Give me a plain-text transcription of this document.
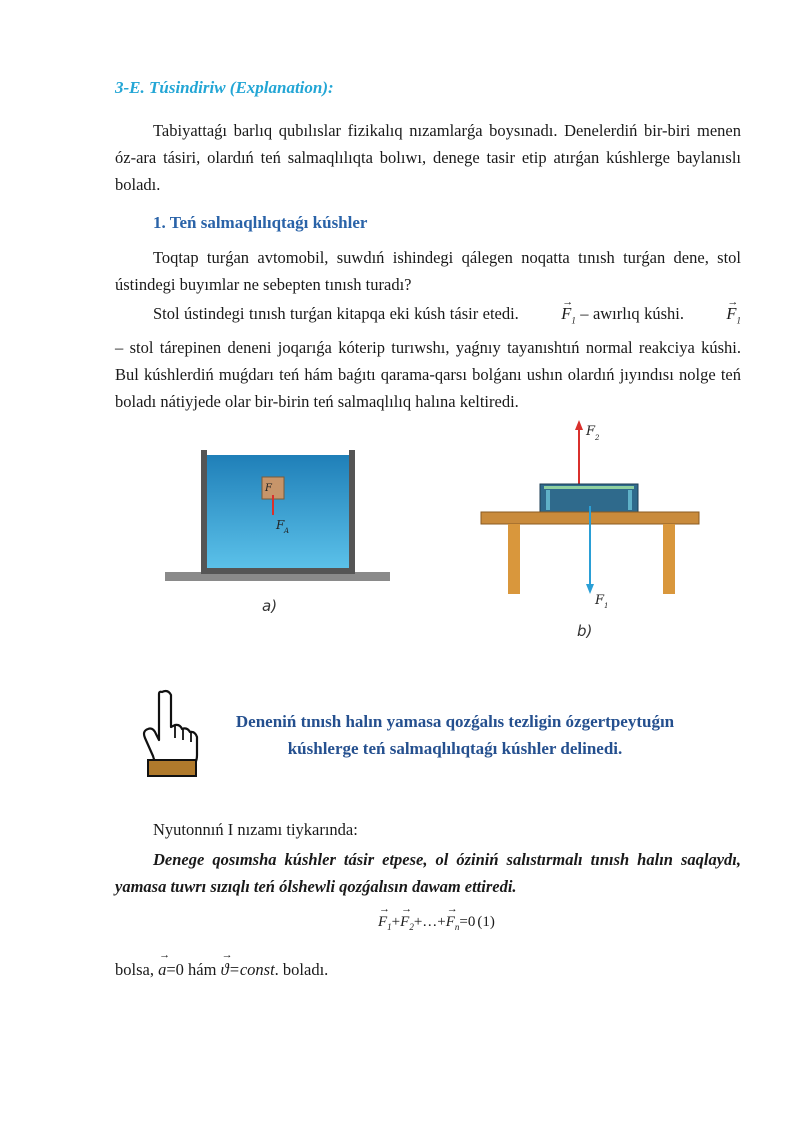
3-E. Túsindiriw (Explanation):

Tabiyattaǵı barlıq qubılıslar fizikalıq nızamlarǵa boysınadı. Denelerdiń bir-biri menen óz-ara tásiri, olardıń teń salmaqlılıqta bolıwı, denege tasir etip atırǵan kúshlerge baylanıslı boladı.

1. Teń salmaqlılıqtaǵı kúshler

Toqtap turǵan avtomobil, suwdıń ishindegi qálegen noqatta tınısh turǵan dene, stol ústindegi buyımlar ne sebepten tınısh turadı?

Stol ústindegi tınısh turǵan kitapqa eki kúsh tásir etedi.	→ $F_1$ – awırlıq kúshi. → $F_1$ – stol tárepinen deneni joqarıǵa kóterip turıwshı, yaǵnıy tayanıshtıń normal reakciya kúshi. Bul kúshlerdiń muǵdarı teń hám baǵıtı qarama-qarsı bolǵanı ushın olardıń jıyındısı nolge teń boladı nátiyjede olar bir-birin teń salmaqlılıq halına keltiredi.

F
F A
a)
F 2
F 1
b)
Deneniń tınısh halın yamasa qozǵalıs tezligin ózgertpeytuǵın
kúshlerge teń salmaqlılıqtaǵı kúshler delinedi.

Nyutonnıń I nızamı tiykarında:

Denege qosımsha kúshler tásir etpese, ol óziniń salıstırmalı tınısh halın saqlaydı, yamasa tuwrı sızıqlı teń ólshewli qozǵalısın dawam ettiredi.

→ $F_1+\to$ $F_2+\dots+\to F_n=0$ (1)
bolsa, → a=0 hám → ϑ=const. boladı.
